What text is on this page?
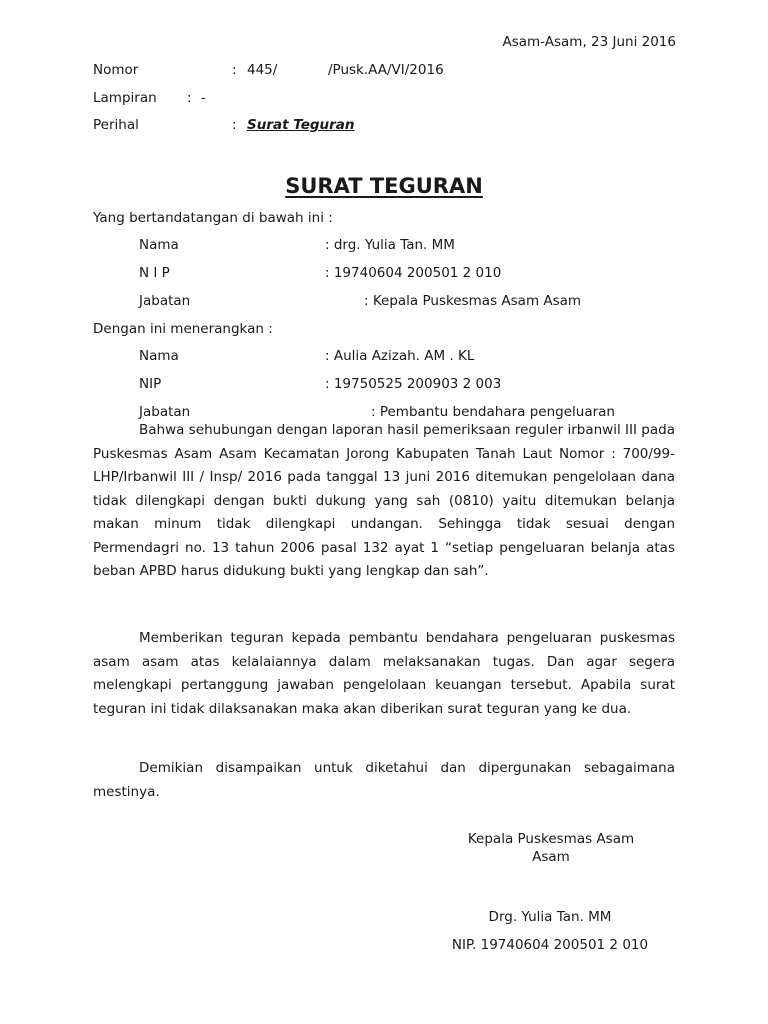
Asam-Asam, 23 Juni 2016
Nomor	: 445/	/Pusk.AA/VI/2016
Lampiran : -
Perihal	: Surat Teguran
SURAT TEGURAN
Yang bertandatangan di bawah ini :
Nama	: drg. Yulia Tan. MM
N I P	: 19740604 200501 2 010
Jabatan	: Kepala Puskesmas Asam Asam
Dengan ini menerangkan :
Nama	: Aulia Azizah. AM . KL
NIP	: 19750525 200903 2 003
Jabatan	: Pembantu bendahara pengeluaran

Bahwa sehubungan dengan laporan hasil pemeriksaan reguler irbanwil III pada Puskesmas Asam Asam Kecamatan Jorong Kabupaten Tanah Laut Nomor : 700/99-LHP/Irbanwil III / Insp/ 2016 pada tanggal 13 juni 2016 ditemukan pengelolaan dana tidak dilengkapi dengan bukti dukung yang sah (0810) yaitu ditemukan belanja makan minum tidak dilengkapi undangan. Sehingga tidak sesuai dengan Permendagri no. 13 tahun 2006 pasal 132 ayat 1 “setiap pengeluaran belanja atas beban APBD harus didukung bukti yang lengkap dan sah”.

Memberikan teguran kepada pembantu bendahara pengeluaran puskesmas asam asam atas kelalaiannya dalam melaksanakan tugas. Dan agar segera melengkapi pertanggung jawaban pengelolaan keuangan tersebut. Apabila surat teguran ini tidak dilaksanakan maka akan diberikan surat teguran yang ke dua.

Demikian disampaikan untuk diketahui dan dipergunakan sebagaimana mestinya.

Kepala Puskesmas Asam Asam
Drg. Yulia Tan. MM
NIP. 19740604 200501 2 010
